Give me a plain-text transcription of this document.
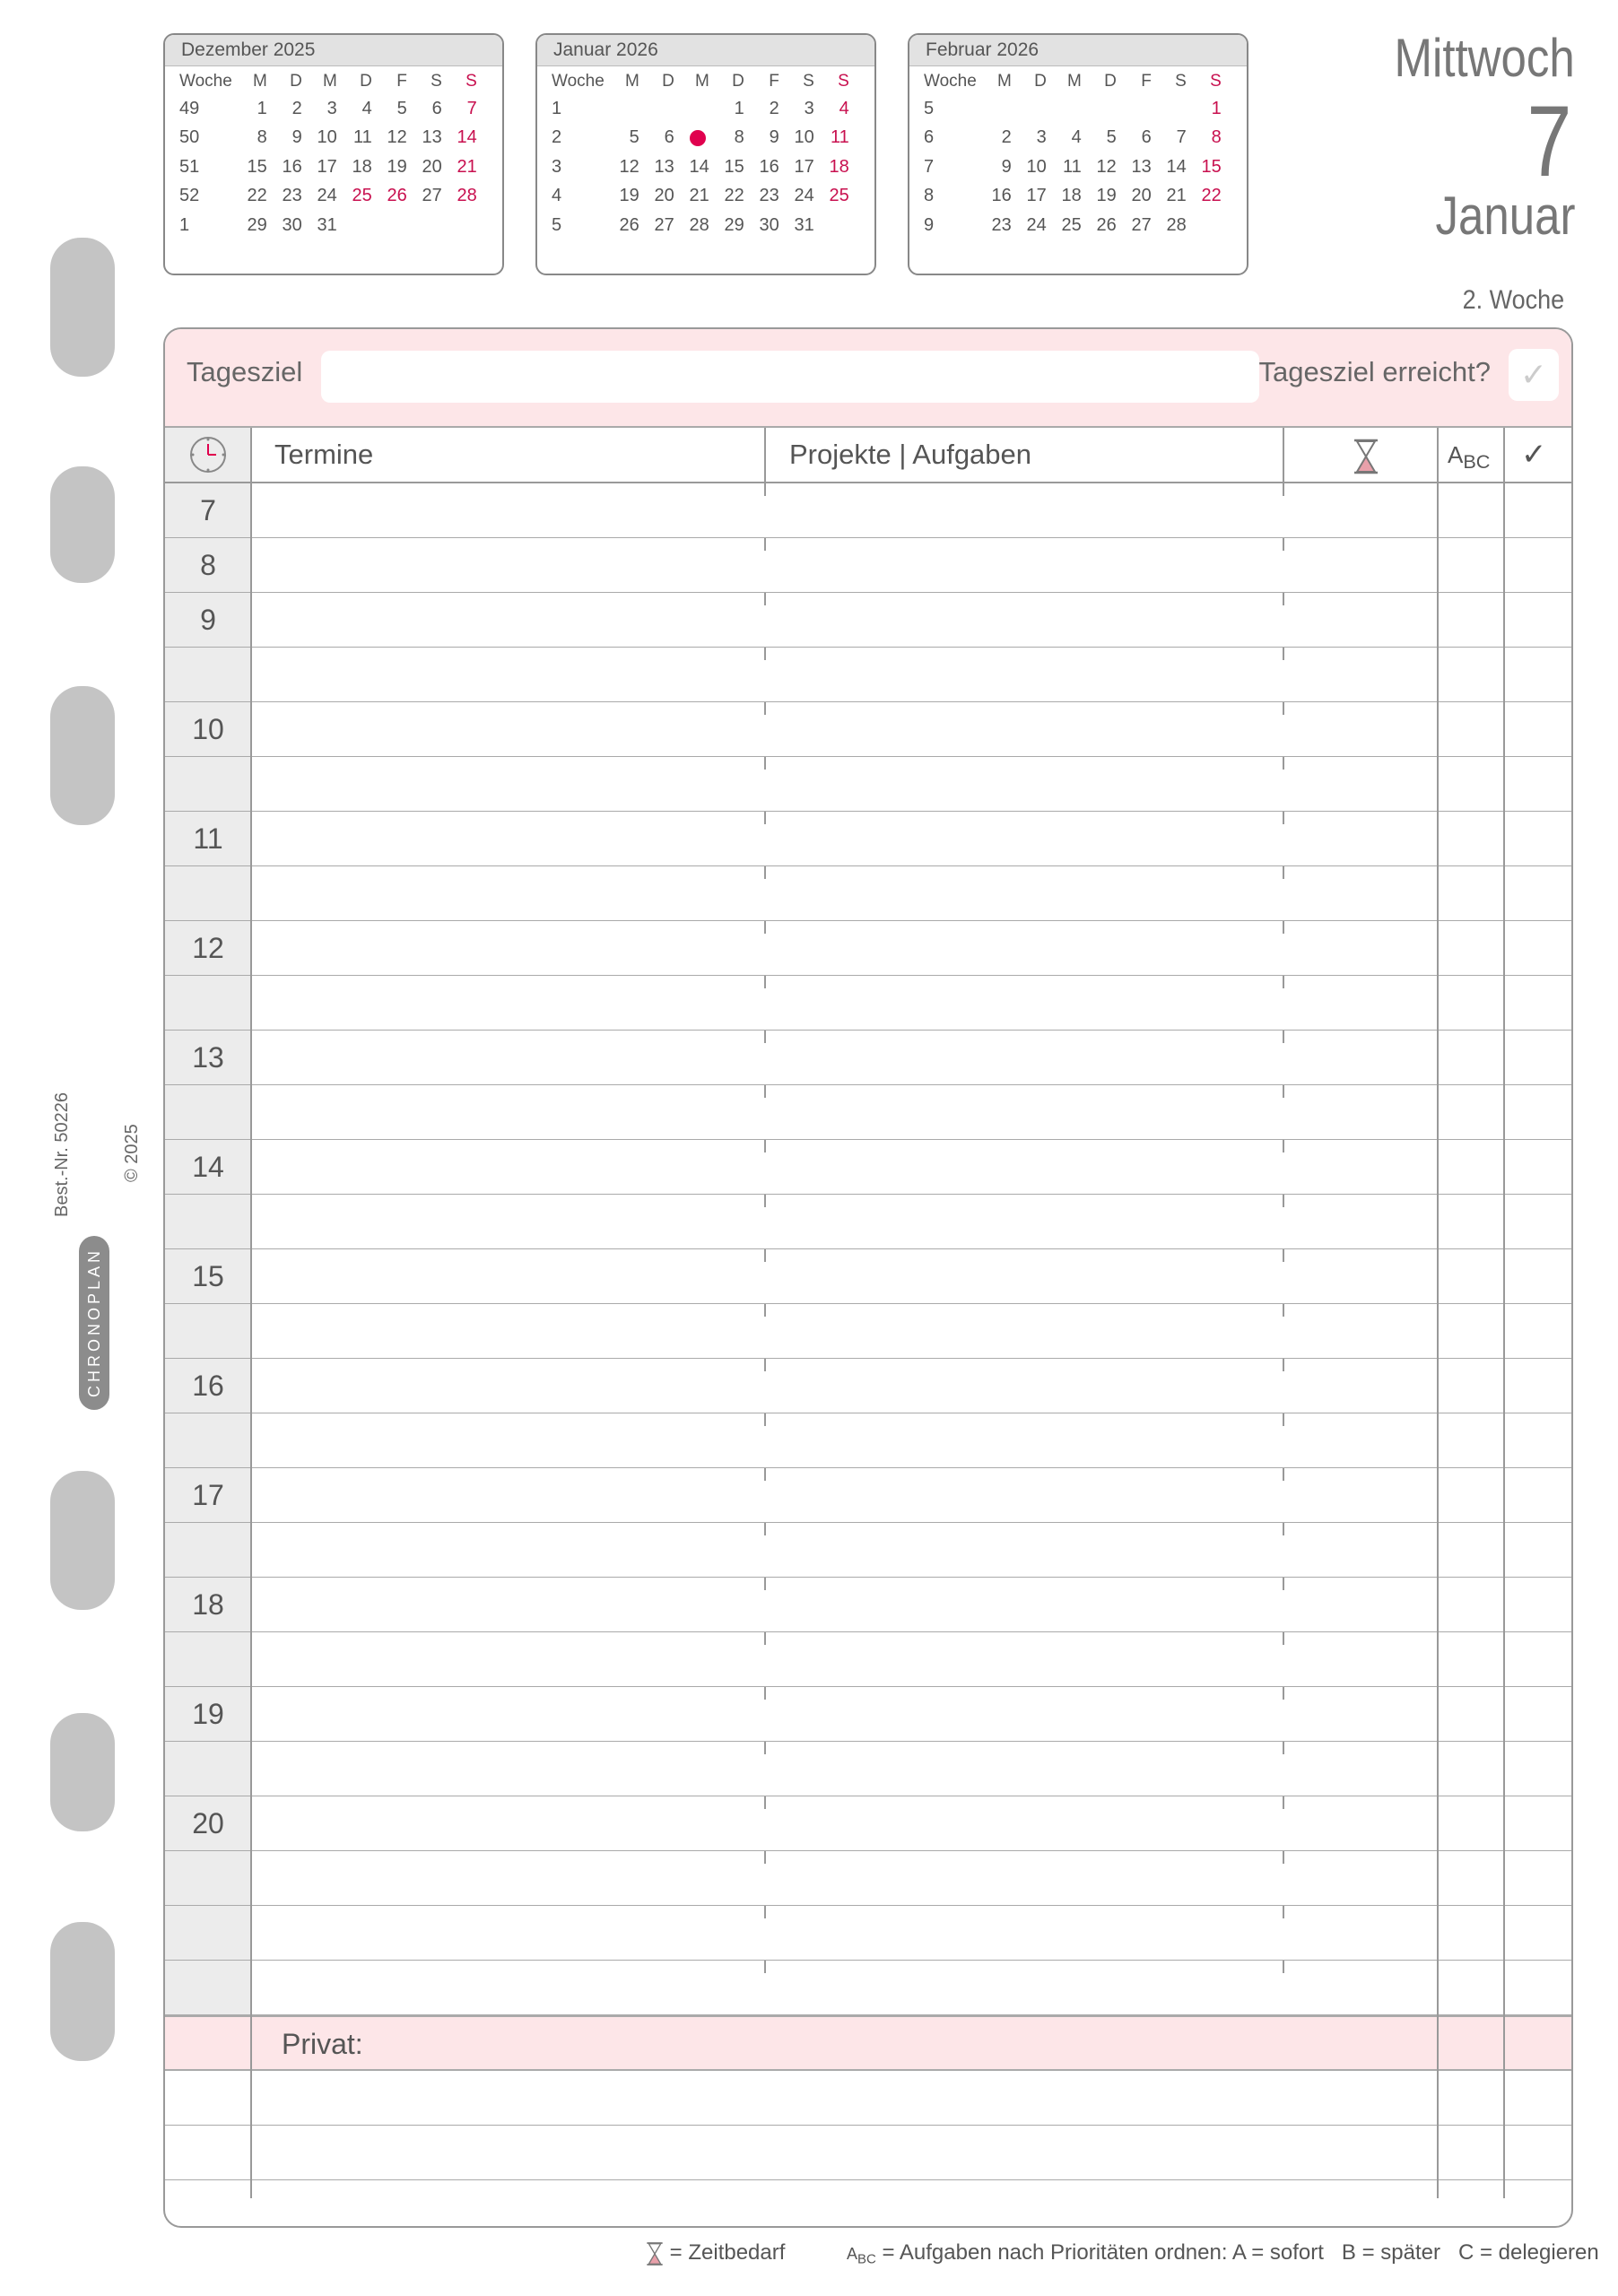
Dezember 2025
Woche	M	D	M	D	F	S	S
49	1	2	3	4	5	6	7
50	8	9	10	11	12	13	14
51	15	16	17	18	19	20	21
52	22	23	24	25	26	27	28
1	29	30	31				
Januar 2026
Woche	M	D	M	D	F	S	S
1				1	2	3	4
2	5	6		8	9	10	11
3	12	13	14	15	16	17	18
4	19	20	21	22	23	24	25
5	26	27	28	29	30	31	
Februar 2026
Woche	M	D	M	D	F	S	S
5							1
6	2	3	4	5	6	7	8
7	9	10	11	12	13	14	15
8	16	17	18	19	20	21	22
9	23	24	25	26	27	28	
Mittwoch
7
Januar
2. Woche
Tagesziel	Tagesziel erreicht? ✓
Termine	Projekte | Aufgaben	$A_{BC}$ ✓
7
8
9
10
11
12
13
14
15
16
17
18
19
20
Privat:
Best.-Nr. 50226
CHRONOPLAN
© 2025
= Zeitbedarf	$A_{BC}$ = Aufgaben nach Prioritäten ordnen: A = sofort   B = später   C = delegieren
